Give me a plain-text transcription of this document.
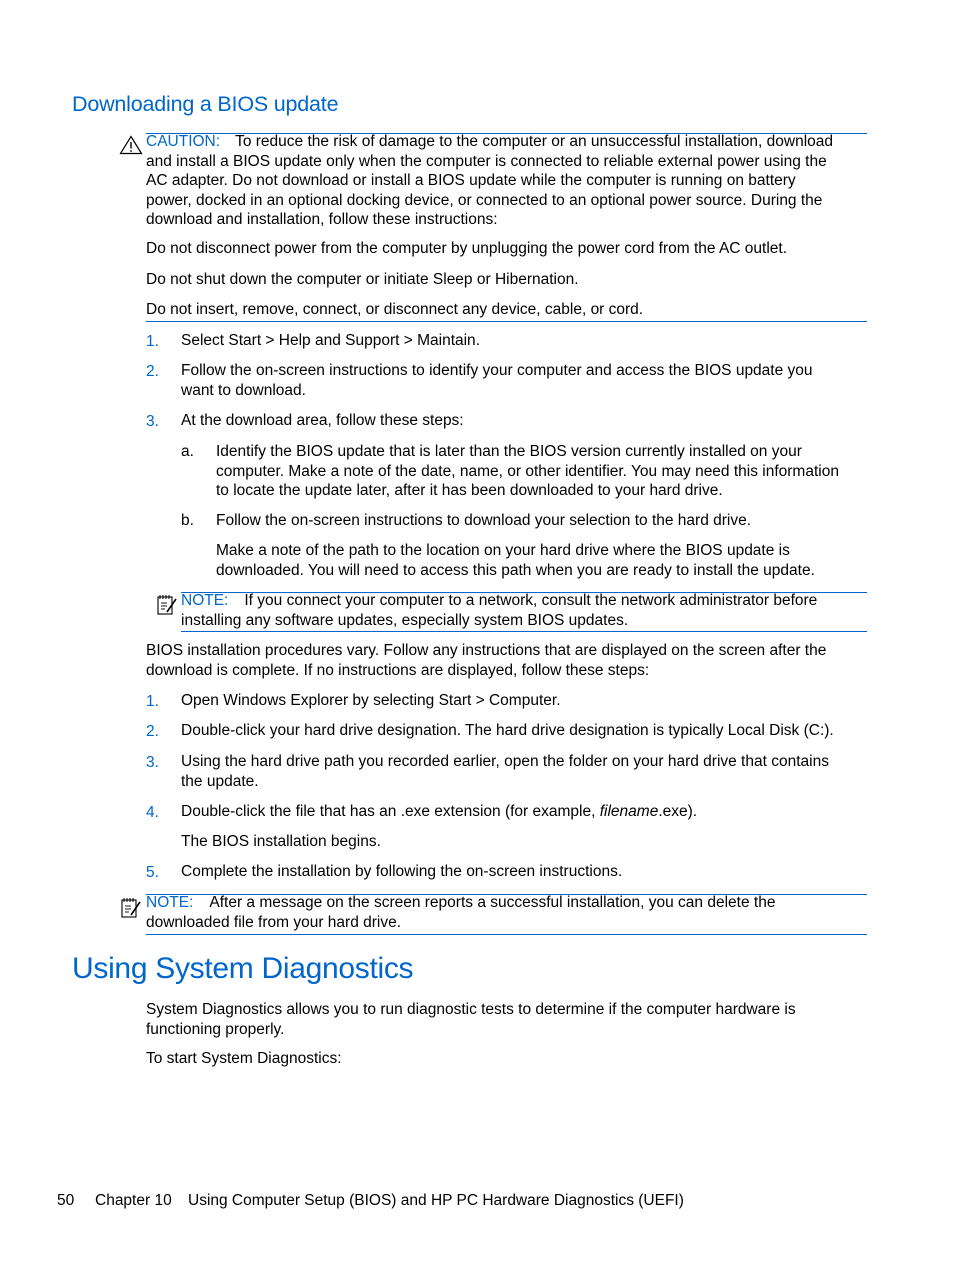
Downloading a BIOS update
CAUTION: To reduce the risk of damage to the computer or an unsuccessful installation, download
and install a BIOS update only when the computer is connected to reliable external power using the
AC adapter. Do not download or install a BIOS update while the computer is running on battery
power, docked in an optional docking device, or connected to an optional power source. During the
download and installation, follow these instructions:
Do not disconnect power from the computer by unplugging the power cord from the AC outlet.
Do not shut down the computer or initiate Sleep or Hibernation.
Do not insert, remove, connect, or disconnect any device, cable, or cord.
1. Select Start > Help and Support > Maintain.
2. Follow the on-screen instructions to identify your computer and access the BIOS update you
want to download.
3. At the download area, follow these steps:
a. Identify the BIOS update that is later than the BIOS version currently installed on your
computer. Make a note of the date, name, or other identifier. You may need this information
to locate the update later, after it has been downloaded to your hard drive.
b. Follow the on-screen instructions to download your selection to the hard drive.
Make a note of the path to the location on your hard drive where the BIOS update is
downloaded. You will need to access this path when you are ready to install the update.
NOTE: If you connect your computer to a network, consult the network administrator before
installing any software updates, especially system BIOS updates.
BIOS installation procedures vary. Follow any instructions that are displayed on the screen after the
download is complete. If no instructions are displayed, follow these steps:
1. Open Windows Explorer by selecting Start > Computer.
2. Double-click your hard drive designation. The hard drive designation is typically Local Disk (C:).
3. Using the hard drive path you recorded earlier, open the folder on your hard drive that contains
the update.
4. Double-click the file that has an .exe extension (for example, filename.exe).
The BIOS installation begins.
5. Complete the installation by following the on-screen instructions.
NOTE: After a message on the screen reports a successful installation, you can delete the
downloaded file from your hard drive.
Using System Diagnostics
System Diagnostics allows you to run diagnostic tests to determine if the computer hardware is
functioning properly.
To start System Diagnostics:
50 Chapter 10 Using Computer Setup (BIOS) and HP PC Hardware Diagnostics (UEFI)
